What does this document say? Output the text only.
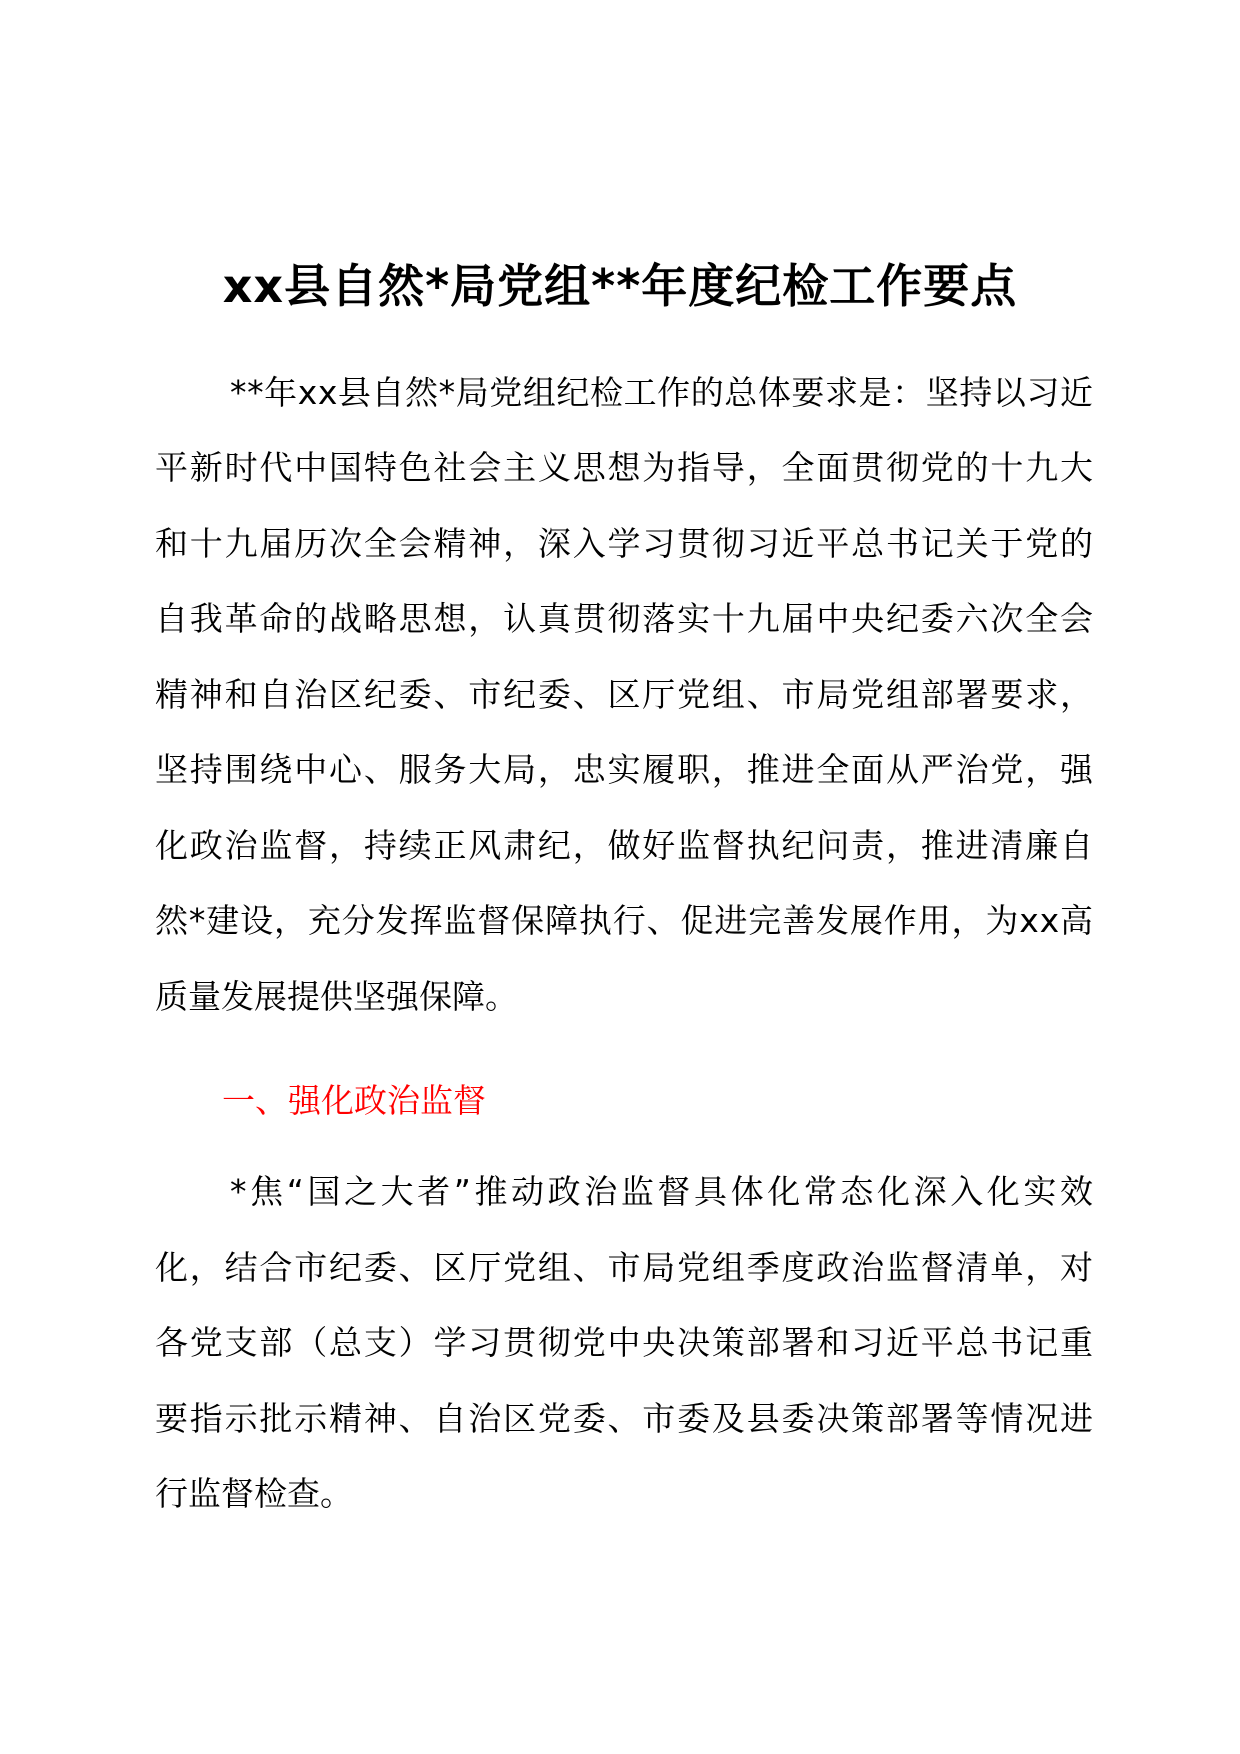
xx县自然*局党组**年度纪检工作要点
**年xx县自然*局党组纪检工作的总体要求是：坚持以习近
平新时代中国特色社会主义思想为指导，全面贯彻党的十九大
和十九届历次全会精神，深入学习贯彻习近平总书记关于党的
自我革命的战略思想，认真贯彻落实十九届中央纪委六次全会
精神和自治区纪委、市纪委、区厅党组、市局党组部署要求，
坚持围绕中心、服务大局，忠实履职，推进全面从严治党，强
化政治监督，持续正风肃纪，做好监督执纪问责，推进清廉自
然*建设，充分发挥监督保障执行、促进完善发展作用，为xx高
质量发展提供坚强保障。
一、强化政治监督
*焦“国之大者”推动政治监督具体化常态化深入化实效
化，结合市纪委、区厅党组、市局党组季度政治监督清单，对
各党支部（总支）学习贯彻党中央决策部署和习近平总书记重
要指示批示精神、自治区党委、市委及县委决策部署等情况进
行监督检查。
